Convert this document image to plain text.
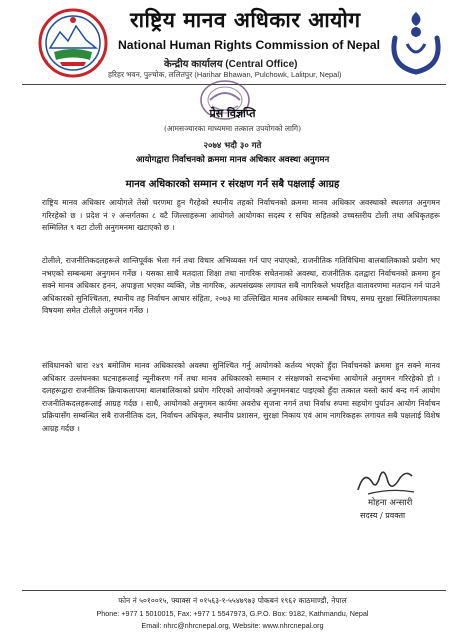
राष्ट्रिय मानव अधिकार आयोग
National Human Rights Commission of Nepal
केन्द्रीय कार्यालय (Central Office)
हरिहर भवन, पुल्चोक, ललितपुर (Harihar Bhawan, Pulchowk, Lalitpur, Nepal)
प्रेस विज्ञप्ति
(आमसञ्चारका माध्यममा तत्काल उपयोगको लागि)
२०७४ भदौ ३० गते
आयोगद्वारा निर्वाचनको क्रममा मानव अधिकार अवस्था अनुगमन
मानव अधिकारको सम्मान र संरक्षण गर्न सबै पक्षलाई आग्रह

राष्ट्रिय मानव अधिकार आयोगले तेस्रो चरणमा हुन गैरहेको स्थानीय तहको निर्वाचनको क्रममा मानव अधिकार अवस्थाको स्थलगत अनुगमन गरिरहेको छ । प्रदेश नं २ अन्तर्गतका ८ वटै जिल्लाहरूमा आयोगले आयोगका सदस्य र सचिव सहितको उच्चस्तरीय टोली तथा अधिकृतहरू सम्मिलित ९ वटा टोली अनुगमनमा खटाएको छ ।

टोलीले, राजनीतिकदलहरूले शान्तिपूर्वक भेला गर्न तथा विचार अभिव्यक्त गर्न पाए नपाएको, राजनीतिक गतिविधिमा बालबालिकाको प्रयोग भए नभएको सम्बन्धमा अनुगमन गर्नेछ । यसका साथै मतदाता शिक्षा तथा नागरिक सचेतनाको अवस्था, राजनीतिक दलद्वारा निर्वाचनको क्रममा हुन सक्ने मानव अधिकार हनन, अपाङ्गता भएका व्यक्ति, जेष्ठ नागरिक, अल्पसंख्यक लगायत सबै नागरिकले भयरहित वातावरणमा मतदान गर्न पाउने अधिकारको सुनिश्चितता, स्थानीय तह निर्वाचन आचार संहिता, २०७३ मा उल्लिखित मानव अधिकार सम्बन्धी विषय, समग्र सुरक्षा स्थितिलगायतका विषयमा समेत टोलीले अनुगमन गर्नेछ ।

संविधानको धारा २४९ बमोजिम मानव अधिकारको अवस्था सुनिश्चित गर्नु आयोगको कर्तव्य भएको हुँदा निर्वाचनको क्रममा हुन सक्ने मानव अधिकार उल्लंघनका घटनाहरूलाई न्यूनीकरण गर्ने तथा मानव अधिकारको सम्मान र संरक्षणको सन्दर्भमा आयोगले अनुगमन गरिरहेको हो । दलहरूद्वारा राजनीतिक क्रियाकलापमा बालबालिकाको प्रयोग गरिएको आयोगको अनुगमनबाट पाइएको हुँदा तत्काल यस्तो कार्य बन्द गर्न आयोग राजनीतिकदलहरूलाई आग्रह गर्दछ । साथै, आयोगको अनुगमन कार्यमा अवरोध सृजना नगर्न तथा निर्वाध रुपमा सहयोग पुर्याउन आयोग निर्वाचन प्रक्रियासँग सम्बन्धित सबै राजनीतिक दल, निर्वाचन अधिकृत, स्थानीय प्रशासन, सुरक्षा निकाय एवं आम नागरिकहरू लगायत सबै पक्षलाई विशेष आग्रह गर्दछ ।

मोहना अन्सारी
सदस्य / प्रवक्ता
फोन नं ५०१००१५, फ्याक्स नं ०१५६३-१-५५४७९७३ पोकबनं १९६२ काठमाण्डौ, नेपाल
Phone: +977 1 5010015, Fax: +977 1 5547973, G.P.O. Box: 9182, Kathmandu, Nepal
Email: nhrc@nhrcnepal.org, Website: www.nhrcnepal.org
